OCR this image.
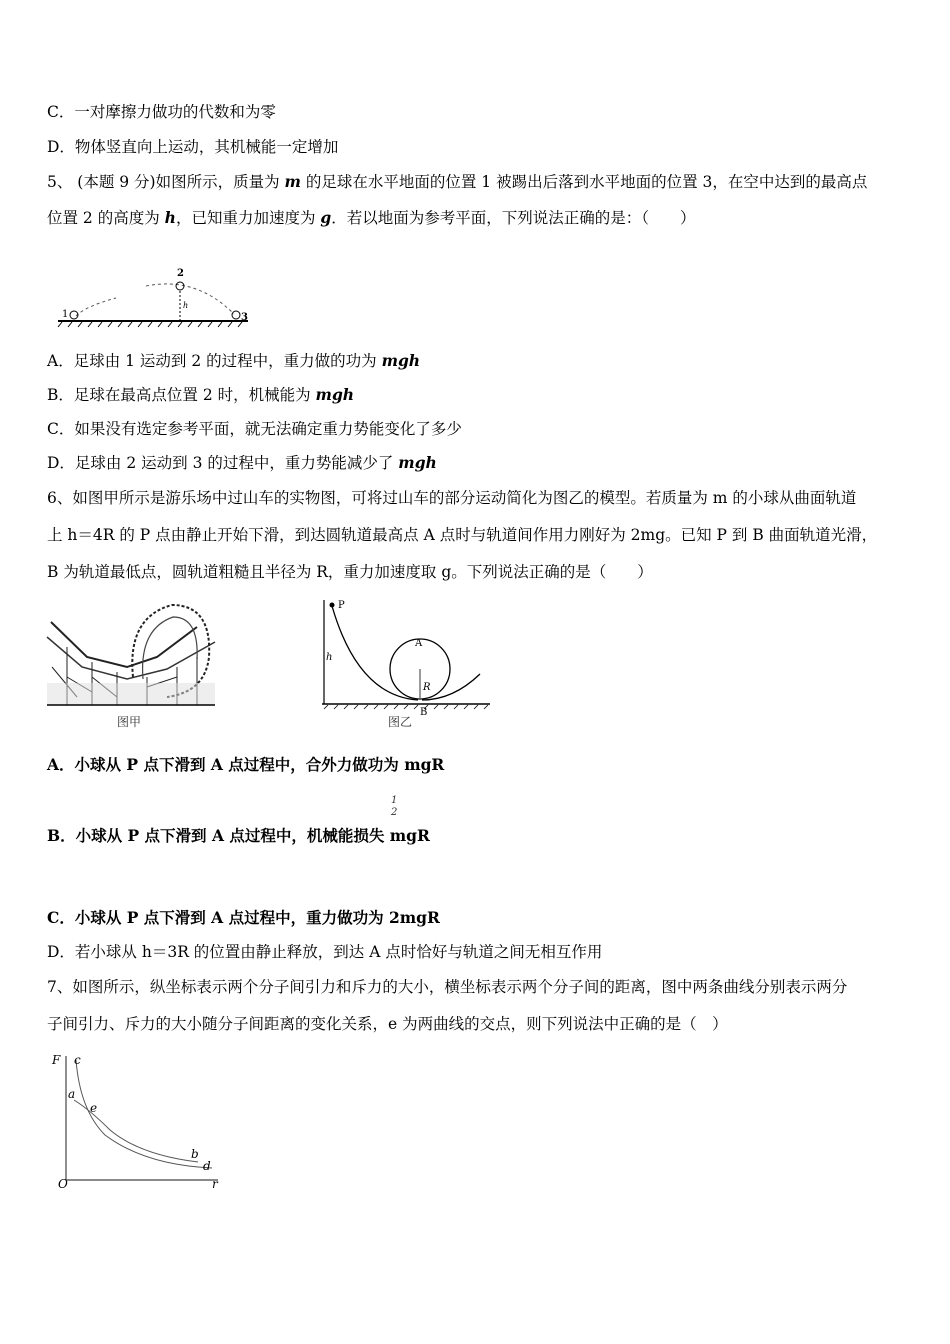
C．一对摩擦力做功的代数和为零
D．物体竖直向上运动，其机械能一定增加
5、 (本题 9 分)如图所示，质量为 m 的足球在水平地面的位置 1 被踢出后落到水平地面的位置 3，在空中达到的最高点
位置 2 的高度为 h，已知重力加速度为 g．若以地面为参考平面，下列说法正确的是：（　　）
1
2
3
h
A．足球由 1 运动到 2 的过程中，重力做的功为 mgh
B．足球在最高点位置 2 时，机械能为 mgh
C．如果没有选定参考平面，就无法确定重力势能变化了多少
D．足球由 2 运动到 3 的过程中，重力势能减少了 mgh
6、如图甲所示是游乐场中过山车的实物图，可将过山车的部分运动简化为图乙的模型。若质量为 m 的小球从曲面轨道
上 h＝4R 的 P 点由静止开始下滑，到达圆轨道最高点 A 点时与轨道间作用力刚好为 2mg。已知 P 到 B 曲面轨道光滑，
B 为轨道最低点，圆轨道粗糙且半径为 R，重力加速度取 g。下列说法正确的是（　　）
图甲
P
h
A
R
B
图乙
A．小球从 P 点下滑到 A 点过程中，合外力做功为 mgR
1
2
B．小球从 P 点下滑到 A 点过程中，机械能损失 mgR
C．小球从 P 点下滑到 A 点过程中，重力做功为 2mgR
D．若小球从 h＝3R 的位置由静止释放，到达 A 点时恰好与轨道之间无相互作用
7、如图所示，纵坐标表示两个分子间引力和斥力的大小，横坐标表示两个分子间的距离，图中两条曲线分别表示两分
子间引力、斥力的大小随分子间距离的变化关系，e 为两曲线的交点，则下列说法中正确的是（　）
F
O	r
c
a
e
b
d
